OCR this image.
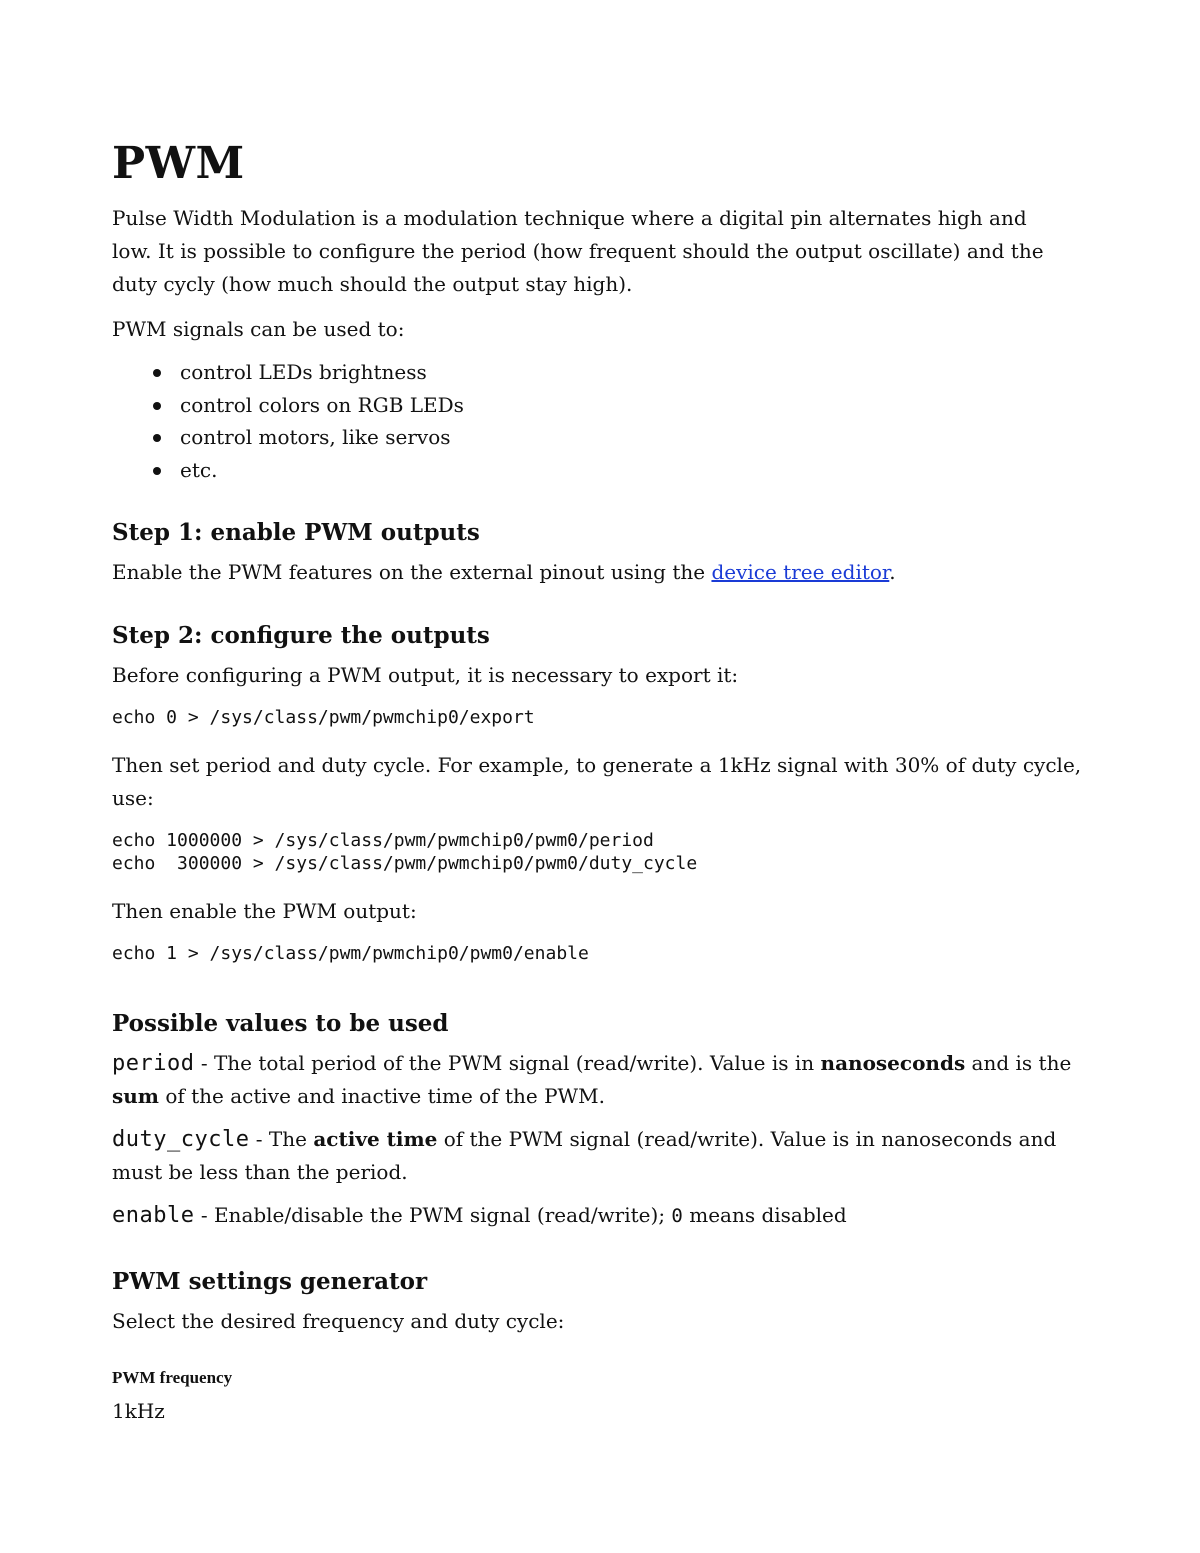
PWM

Pulse Width Modulation is a modulation technique where a digital pin alternates high and low. It is possible to configure the period (how frequent should the output oscillate) and the duty cycly (how much should the output stay high).

PWM signals can be used to:

control LEDs brightness
control colors on RGB LEDs
control motors, like servos
etc.
Step 1: enable PWM outputs

Enable the PWM features on the external pinout using the device tree editor.

Step 2: configure the outputs

Before configuring a PWM output, it is necessary to export it:

echo 0 > /sys/class/pwm/pwmchip0/export

Then set period and duty cycle. For example, to generate a 1kHz signal with 30% of duty cycle, use:

echo 1000000 > /sys/class/pwm/pwmchip0/pwm0/period
echo  300000 > /sys/class/pwm/pwmchip0/pwm0/duty_cycle

Then enable the PWM output:

echo 1 > /sys/class/pwm/pwmchip0/pwm0/enable
Possible values to be used

period - The total period of the PWM signal (read/write). Value is in nanoseconds and is the sum of the active and inactive time of the PWM.

duty_cycle - The active time of the PWM signal (read/write). Value is in nanoseconds and must be less than the period.

enable - Enable/disable the PWM signal (read/write); 0 means disabled

PWM settings generator

Select the desired frequency and duty cycle:

PWM frequency
1kHz
